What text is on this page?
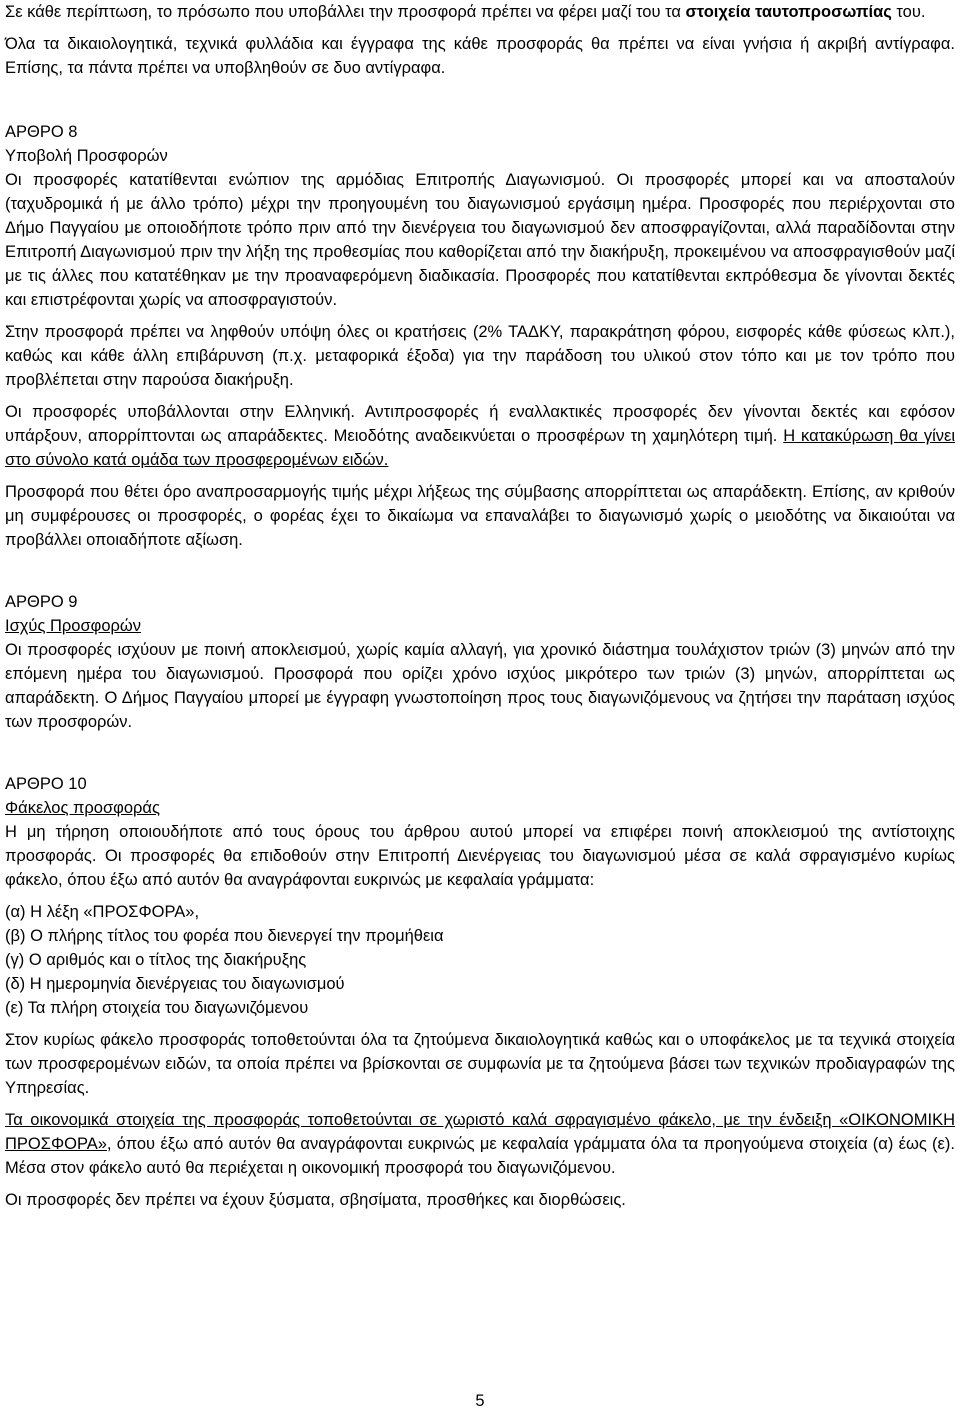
Σε κάθε περίπτωση, το πρόσωπο που υποβάλλει την προσφορά πρέπει να φέρει μαζί του τα στοιχεία ταυτοπροσωπίας του.

Όλα τα δικαιολογητικά, τεχνικά φυλλάδια και έγγραφα της κάθε προσφοράς θα πρέπει να είναι γνήσια ή ακριβή αντίγραφα. Επίσης, τα πάντα πρέπει να υποβληθούν σε δυο αντίγραφα.

ΑΡΘΡΟ 8

Υποβολή Προσφορών

Οι προσφορές κατατίθενται ενώπιον της αρμόδιας Επιτροπής Διαγωνισμού. Οι προσφορές μπορεί και να αποσταλούν (ταχυδρομικά ή με άλλο τρόπο) μέχρι την προηγουμένη του διαγωνισμού εργάσιμη ημέρα. Προσφορές που περιέρχονται στο Δήμο Παγγαίου με οποιοδήποτε τρόπο πριν από την διενέργεια του διαγωνισμού δεν αποσφραγίζονται, αλλά παραδίδονται στην Επιτροπή Διαγωνισμού πριν την λήξη της προθεσμίας που καθορίζεται από την διακήρυξη, προκειμένου να αποσφραγισθούν μαζί με τις άλλες που κατατέθηκαν με την προαναφερόμενη διαδικασία. Προσφορές που κατατίθενται εκπρόθεσμα δε γίνονται δεκτές και επιστρέφονται χωρίς να αποσφραγιστούν.

Στην προσφορά πρέπει να ληφθούν υπόψη όλες οι κρατήσεις (2% ΤΑΔΚΥ, παρακράτηση φόρου, εισφορές κάθε φύσεως κλπ.), καθώς και κάθε άλλη επιβάρυνση (π.χ. μεταφορικά έξοδα) για την παράδοση του υλικού στον τόπο και με τον τρόπο που προβλέπεται στην παρούσα διακήρυξη.

Οι προσφορές υποβάλλονται στην Ελληνική. Αντιπροσφορές ή εναλλακτικές προσφορές δεν γίνονται δεκτές και εφόσον υπάρξουν, απορρίπτονται ως απαράδεκτες. Μειοδότης αναδεικνύεται ο προσφέρων τη χαμηλότερη τιμή. Η κατακύρωση θα γίνει στο σύνολο κατά ομάδα των προσφερομένων ειδών.

Προσφορά που θέτει όρο αναπροσαρμογής τιμής μέχρι λήξεως της σύμβασης απορρίπτεται ως απαράδεκτη. Επίσης, αν κριθούν μη συμφέρουσες οι προσφορές, ο φορέας έχει το δικαίωμα να επαναλάβει το διαγωνισμό χωρίς ο μειοδότης να δικαιούται να προβάλλει οποιαδήποτε αξίωση.

ΑΡΘΡΟ 9

Ισχύς Προσφορών

Οι προσφορές ισχύουν με ποινή αποκλεισμού, χωρίς καμία αλλαγή, για χρονικό διάστημα τουλάχιστον τριών (3) μηνών από την επόμενη ημέρα του διαγωνισμού. Προσφορά που ορίζει χρόνο ισχύος μικρότερο των τριών (3) μηνών, απορρίπτεται ως απαράδεκτη. Ο Δήμος Παγγαίου μπορεί με έγγραφη γνωστοποίηση προς τους διαγωνιζόμενους να ζητήσει την παράταση ισχύος των προσφορών.

ΑΡΘΡΟ 10

Φάκελος προσφοράς

Η μη τήρηση οποιουδήποτε από τους όρους του άρθρου αυτού μπορεί να επιφέρει ποινή αποκλεισμού της αντίστοιχης προσφοράς. Οι προσφορές θα επιδοθούν στην Επιτροπή Διενέργειας του διαγωνισμού μέσα σε καλά σφραγισμένο κυρίως φάκελο, όπου έξω από αυτόν θα αναγράφονται ευκρινώς με κεφαλαία γράμματα:

(α) Η λέξη «ΠΡΟΣΦΟΡΑ»,

(β) Ο πλήρης τίτλος του φορέα που διενεργεί την προμήθεια

(γ) Ο αριθμός και ο τίτλος της διακήρυξης

(δ) Η ημερομηνία διενέργειας του διαγωνισμού

(ε) Τα πλήρη στοιχεία του διαγωνιζόμενου

Στον κυρίως φάκελο προσφοράς τοποθετούνται όλα τα ζητούμενα δικαιολογητικά καθώς και ο υποφάκελος με τα τεχνικά στοιχεία των προσφερομένων ειδών, τα οποία πρέπει να βρίσκονται σε συμφωνία με τα ζητούμενα βάσει των τεχνικών προδιαγραφών της Υπηρεσίας.

Τα οικονομικά στοιχεία της προσφοράς τοποθετούνται σε χωριστό καλά σφραγισμένο φάκελο, με την ένδειξη «ΟΙΚΟΝΟΜΙΚΗ ΠΡΟΣΦΟΡΑ», όπου έξω από αυτόν θα αναγράφονται ευκρινώς με κεφαλαία γράμματα όλα τα προηγούμενα στοιχεία (α) έως (ε). Μέσα στον φάκελο αυτό θα περιέχεται η οικονομική προσφορά του διαγωνιζόμενου.

Οι προσφορές δεν πρέπει να έχουν ξύσματα, σβησίματα, προσθήκες και διορθώσεις.

5
